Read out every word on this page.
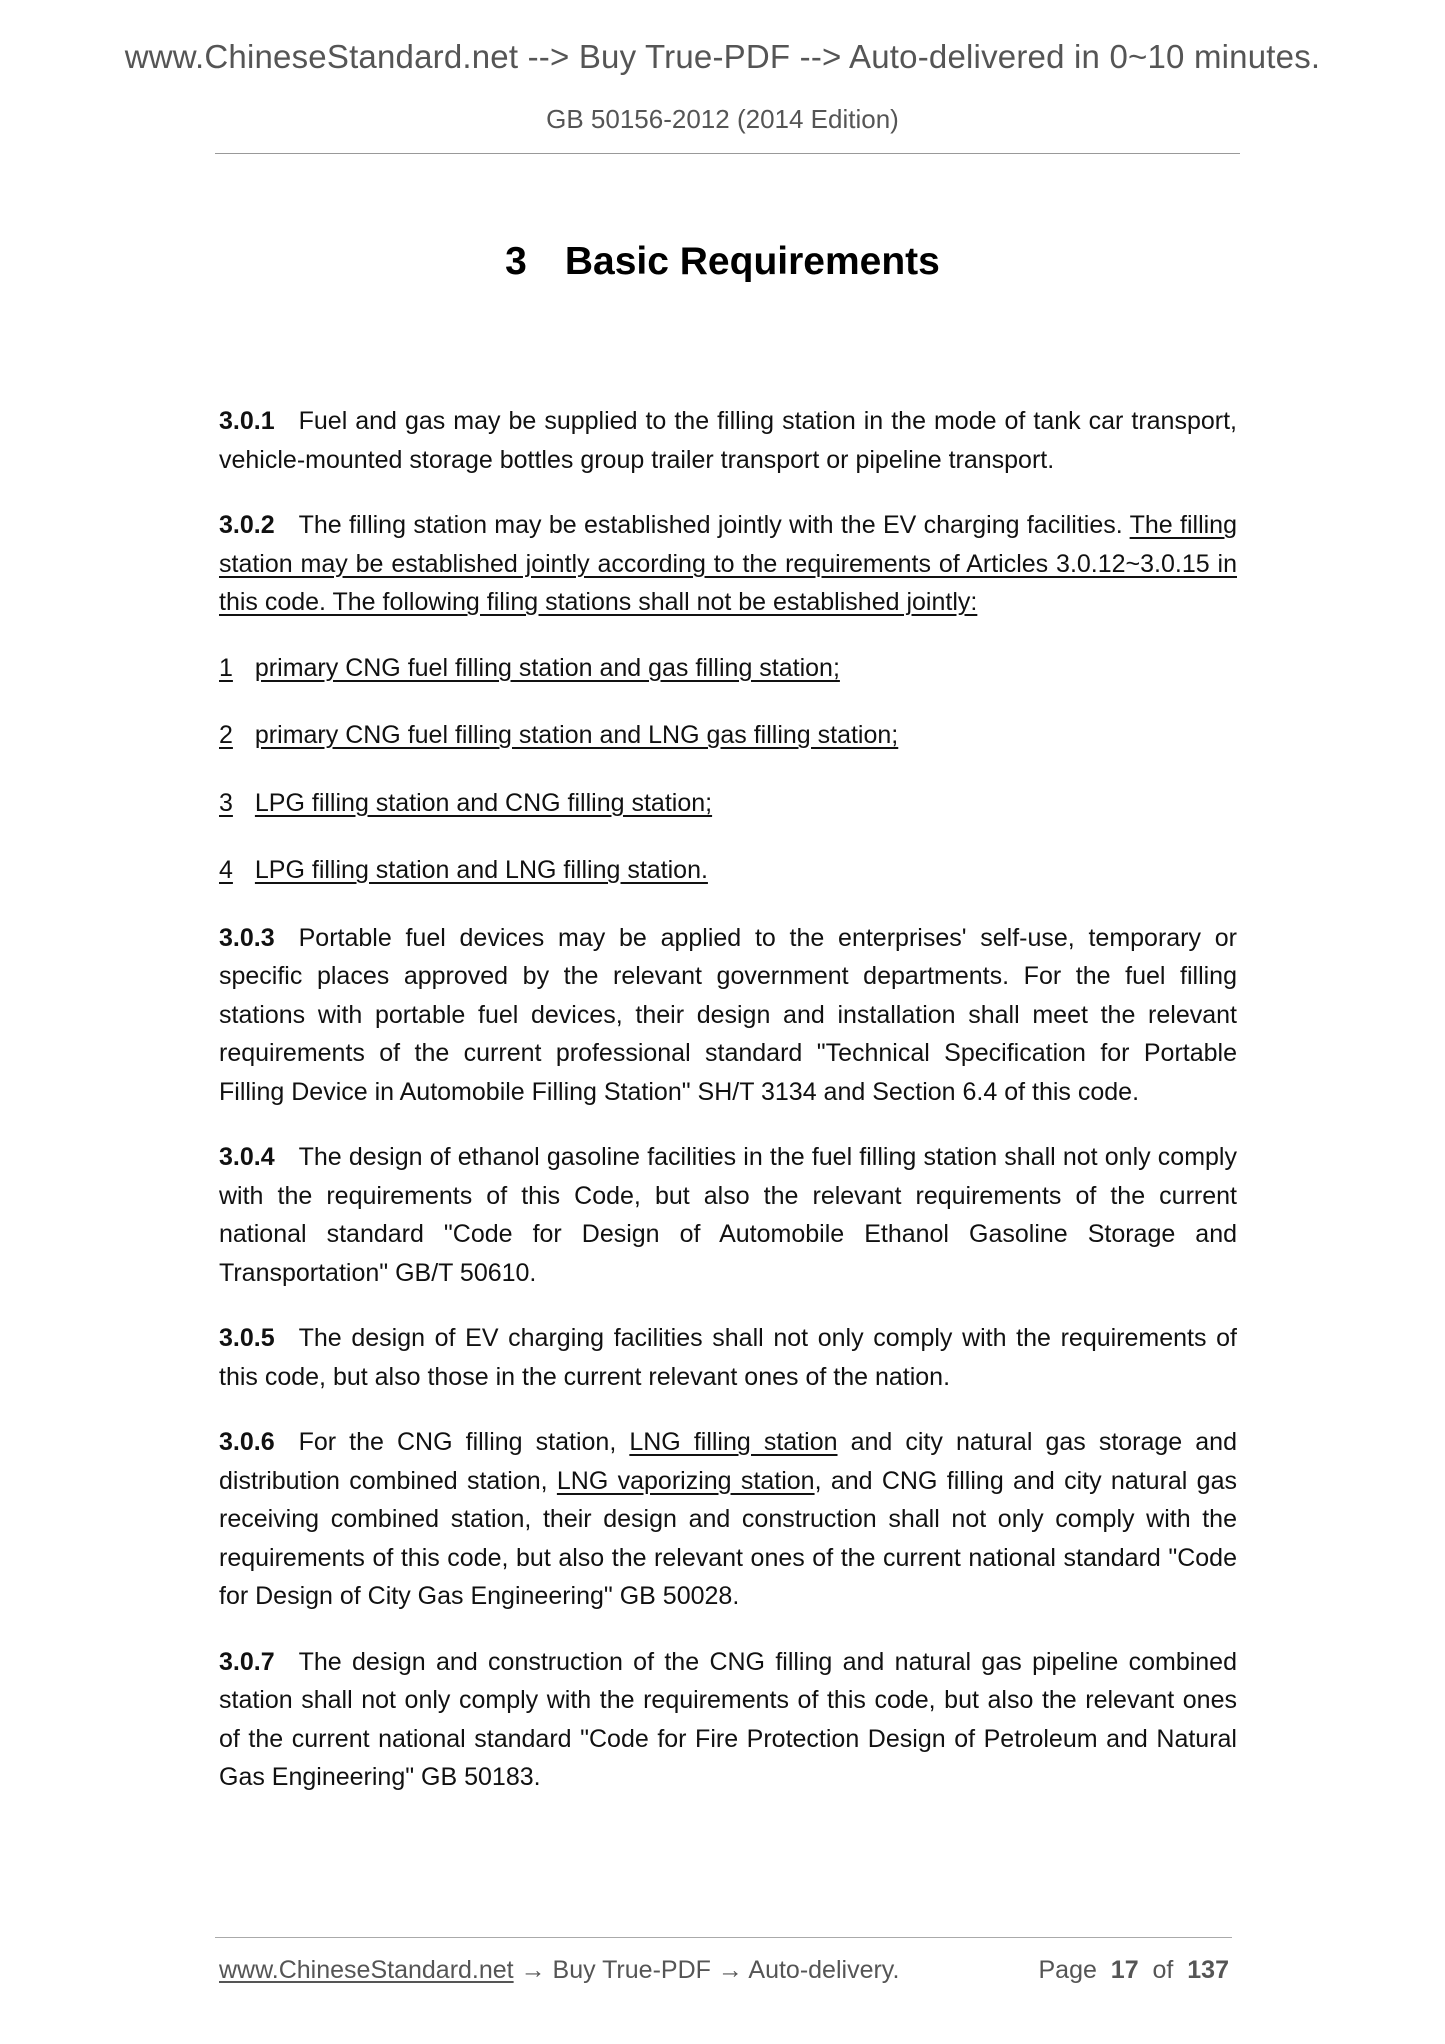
www.ChineseStandard.net --> Buy True-PDF --> Auto-delivered in 0~10 minutes.
GB 50156-2012 (2014 Edition)
3 Basic Requirements

3.0.1 Fuel and gas may be supplied to the filling station in the mode of tank car transport, vehicle-mounted storage bottles group trailer transport or pipeline transport.

3.0.2 The filling station may be established jointly with the EV charging facilities. The filling station may be established jointly according to the requirements of Articles 3.0.12~3.0.15 in this code. The following filing stations shall not be established jointly:

1 primary CNG fuel filling station and gas filling station;
2 primary CNG fuel filling station and LNG gas filling station;
3 LPG filling station and CNG filling station;
4 LPG filling station and LNG filling station.

3.0.3 Portable fuel devices may be applied to the enterprises' self-use, temporary or specific places approved by the relevant government departments. For the fuel filling stations with portable fuel devices, their design and installation shall meet the relevant requirements of the current professional standard "Technical Specification for Portable Filling Device in Automobile Filling Station" SH/T 3134 and Section 6.4 of this code.

3.0.4 The design of ethanol gasoline facilities in the fuel filling station shall not only comply with the requirements of this Code, but also the relevant requirements of the current national standard "Code for Design of Automobile Ethanol Gasoline Storage and Transportation" GB/T 50610.

3.0.5 The design of EV charging facilities shall not only comply with the requirements of this code, but also those in the current relevant ones of the nation.

3.0.6 For the CNG filling station, LNG filling station and city natural gas storage and distribution combined station, LNG vaporizing station, and CNG filling and city natural gas receiving combined station, their design and construction shall not only comply with the requirements of this code, but also the relevant ones of the current national standard "Code for Design of City Gas Engineering" GB 50028.

3.0.7 The design and construction of the CNG filling and natural gas pipeline combined station shall not only comply with the requirements of this code, but also the relevant ones of the current national standard "Code for Fire Protection Design of Petroleum and Natural Gas Engineering" GB 50183.

www.ChineseStandard.net → Buy True-PDF → Auto-delivery.	Page 17 of 137
